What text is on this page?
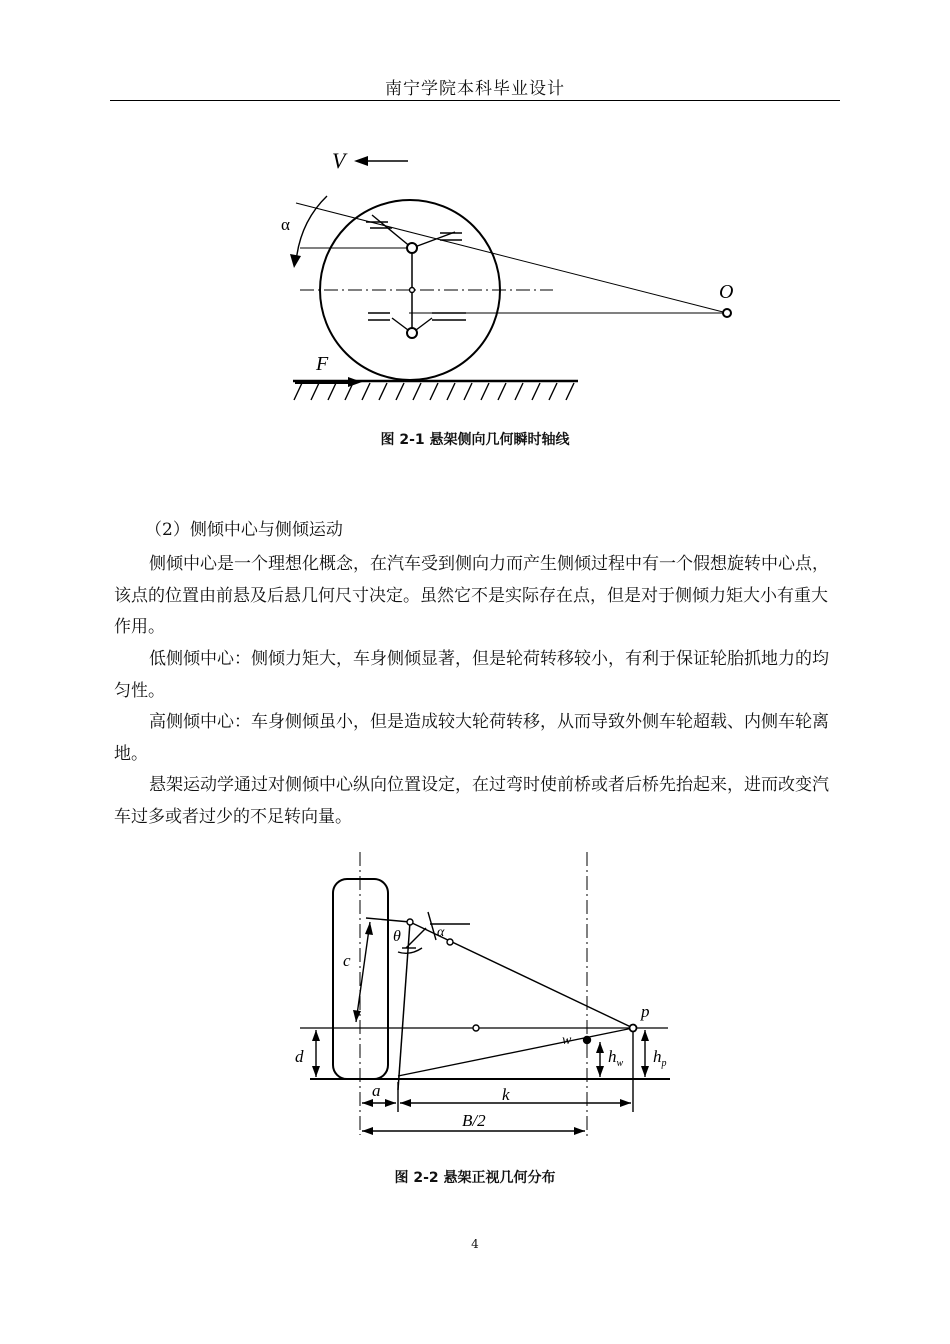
南宁学院本科毕业设计
V
α
O
F
图 2-1 悬架侧向几何瞬时轴线

（2）侧倾中心与侧倾运动

侧倾中心是一个理想化概念，在汽车受到侧向力而产生侧倾过程中有一个假想旋转中心点，该点的位置由前悬及后悬几何尺寸决定。虽然它不是实际存在点，但是对于侧倾力矩大小有重大作用。

低侧倾中心：侧倾力矩大，车身侧倾显著，但是轮荷转移较小，有利于保证轮胎抓地力的均匀性。

高侧倾中心：车身侧倾虽小，但是造成较大轮荷转移，从而导致外侧车轮超载、内侧车轮离地。

悬架运动学通过对侧倾中心纵向位置设定，在过弯时使前桥或者后桥先抬起来，进而改变汽车过多或者过少的不足转向量。

c
θ	α
p
w
d	$h_w$ $h_p$
a	k
B/2
图 2-2 悬架正视几何分布
4
